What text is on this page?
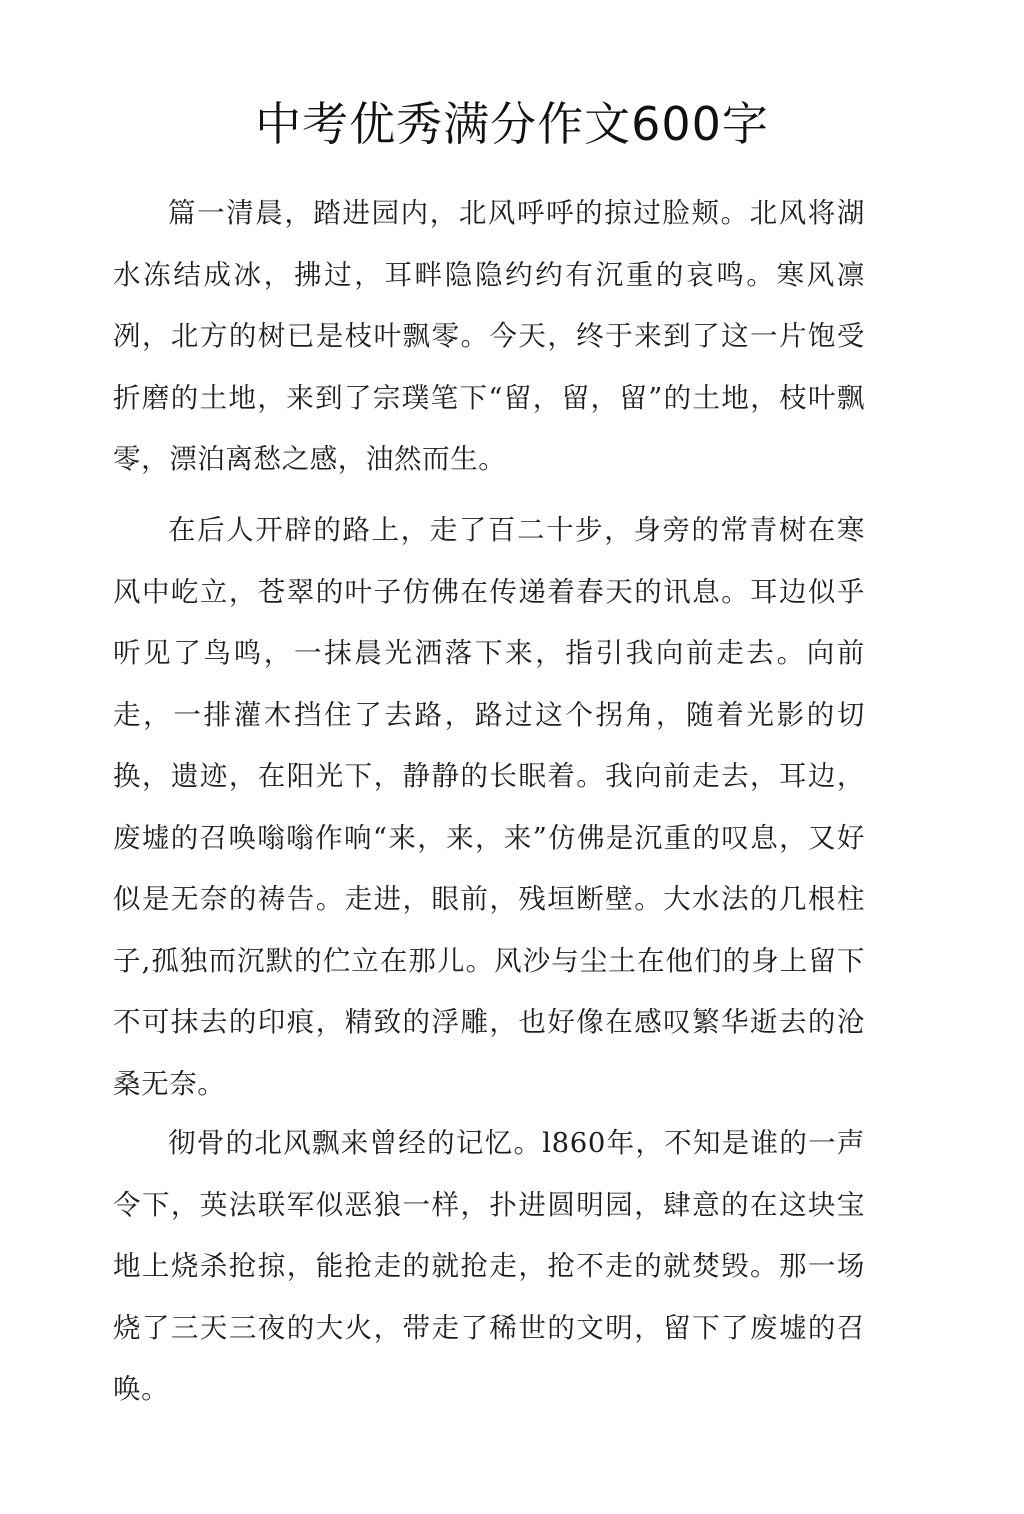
中考优秀满分作文600字

篇一清晨，踏进园内，北风呼呼的掠过脸颊。北风将湖水冻结成冰，拂过，耳畔隐隐约约有沉重的哀鸣。寒风凛冽，北方的树已是枝叶飘零。今天，终于来到了这一片饱受折磨的土地，来到了宗璞笔下“留，留，留”的土地，枝叶飘零，漂泊离愁之感，油然而生。

在后人开辟的路上，走了百二十步，身旁的常青树在寒风中屹立，苍翠的叶子仿佛在传递着春天的讯息。耳边似乎听见了鸟鸣，一抹晨光洒落下来，指引我向前走去。向前走，一排灌木挡住了去路，路过这个拐角，随着光影的切换，遗迹，在阳光下，静静的长眠着。我向前走去，耳边，废墟的召唤嗡嗡作响“来，来，来”仿佛是沉重的叹息，又好似是无奈的祷告。走进，眼前，残垣断壁。大水法的几根柱子,孤独而沉默的伫立在那儿。风沙与尘土在他们的身上留下不可抹去的印痕，精致的浮雕，也好像在感叹繁华逝去的沧桑无奈。

彻骨的北风飘来曾经的记忆。l860年，不知是谁的一声令下，英法联军似恶狼一样，扑进圆明园，肆意的在这块宝地上烧杀抢掠，能抢走的就抢走，抢不走的就焚毁。那一场烧了三天三夜的大火，带走了稀世的文明，留下了废墟的召唤。
